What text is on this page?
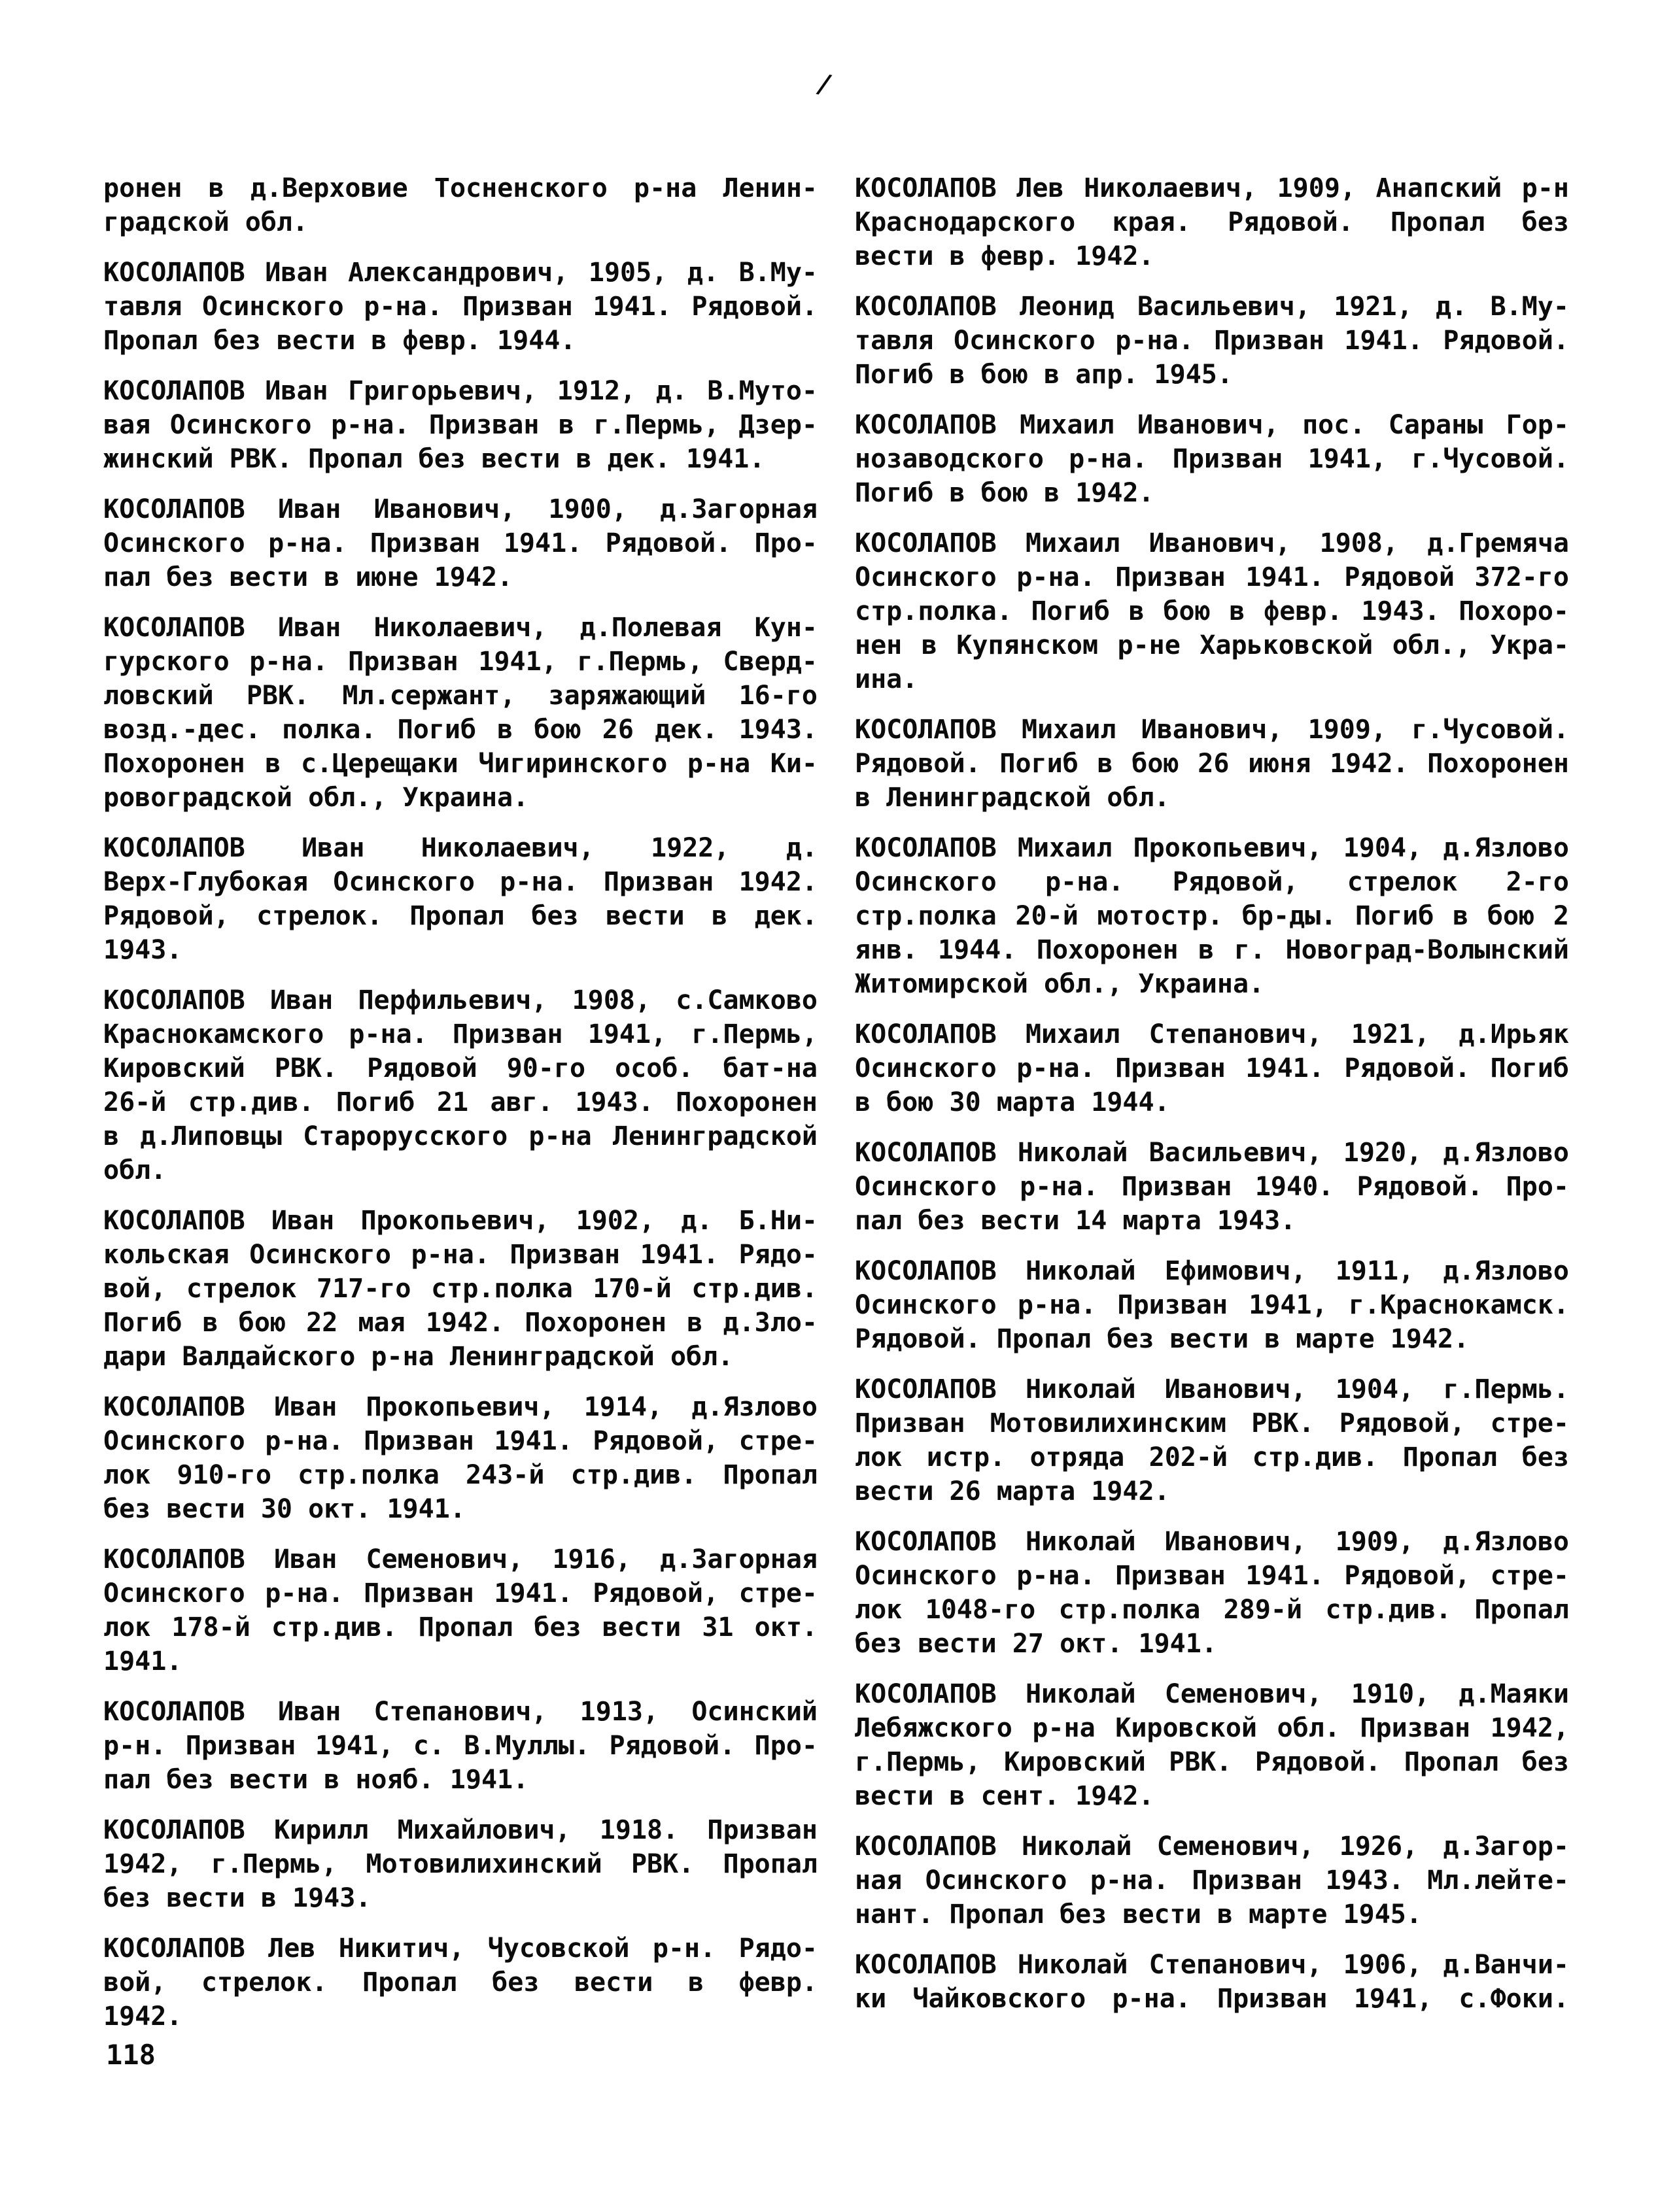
/
ронен в д.Верховие Тосненского р-на Ленин-
градской обл.
КОСОЛАПОВ Иван Александрович, 1905, д. В.Му-
тавля Осинского р-на. Призван 1941. Рядовой.
Пропал без вести в февр. 1944.
КОСОЛАПОВ Иван Григорьевич, 1912, д. В.Муто-
вая Осинского р-на. Призван в г.Пермь, Дзер-
жинский РВК. Пропал без вести в дек. 1941.
КОСОЛАПОВ Иван Иванович, 1900, д.Загорная
Осинского р-на. Призван 1941. Рядовой. Про-
пал без вести в июне 1942.
КОСОЛАПОВ Иван Николаевич, д.Полевая Кун-
гурского р-на. Призван 1941, г.Пермь, Сверд-
ловский РВК. Мл.сержант, заряжающий 16-го
возд.-дес. полка. Погиб в бою 26 дек. 1943.
Похоронен в с.Церещаки Чигиринского р-на Ки-
ровоградской обл., Украина.
КОСОЛАПОВ Иван Николаевич, 1922, д.
Верх-Глубокая Осинского р-на. Призван 1942.
Рядовой, стрелок. Пропал без вести в дек.
1943.
КОСОЛАПОВ Иван Перфильевич, 1908, с.Самково
Краснокамского р-на. Призван 1941, г.Пермь,
Кировский РВК. Рядовой 90-го особ. бат-на
26-й стр.див. Погиб 21 авг. 1943. Похоронен
в д.Липовцы Старорусского р-на Ленинградской
обл.
КОСОЛАПОВ Иван Прокопьевич, 1902, д. Б.Ни-
кольская Осинского р-на. Призван 1941. Рядо-
вой, стрелок 717-го стр.полка 170-й стр.див.
Погиб в бою 22 мая 1942. Похоронен в д.Зло-
дари Валдайского р-на Ленинградской обл.
КОСОЛАПОВ Иван Прокопьевич, 1914, д.Язлово
Осинского р-на. Призван 1941. Рядовой, стре-
лок 910-го стр.полка 243-й стр.див. Пропал
без вести 30 окт. 1941.
КОСОЛАПОВ Иван Семенович, 1916, д.Загорная
Осинского р-на. Призван 1941. Рядовой, стре-
лок 178-й стр.див. Пропал без вести 31 окт.
1941.
КОСОЛАПОВ Иван Степанович, 1913, Осинский
р-н. Призван 1941, с. В.Муллы. Рядовой. Про-
пал без вести в нояб. 1941.
КОСОЛАПОВ Кирилл Михайлович, 1918. Призван
1942, г.Пермь, Мотовилихинский РВК. Пропал
без вести в 1943.
КОСОЛАПОВ Лев Никитич, Чусовской р-н. Рядо-
вой, стрелок. Пропал без вести в февр.
1942.
КОСОЛАПОВ Лев Николаевич, 1909, Анапский р-н
Краснодарского края. Рядовой. Пропал без
вести в февр. 1942.
КОСОЛАПОВ Леонид Васильевич, 1921, д. В.Му-
тавля Осинского р-на. Призван 1941. Рядовой.
Погиб в бою в апр. 1945.
КОСОЛАПОВ Михаил Иванович, пос. Сараны Гор-
нозаводского р-на. Призван 1941, г.Чусовой.
Погиб в бою в 1942.
КОСОЛАПОВ Михаил Иванович, 1908, д.Гремяча
Осинского р-на. Призван 1941. Рядовой 372-го
стр.полка. Погиб в бою в февр. 1943. Похоро-
нен в Купянском р-не Харьковской обл., Укра-
ина.
КОСОЛАПОВ Михаил Иванович, 1909, г.Чусовой.
Рядовой. Погиб в бою 26 июня 1942. Похоронен
в Ленинградской обл.
КОСОЛАПОВ Михаил Прокопьевич, 1904, д.Язлово
Осинского р-на. Рядовой, стрелок 2-го
стр.полка 20-й мотостр. бр-ды. Погиб в бою 2
янв. 1944. Похоронен в г. Новоград-Волынский
Житомирской обл., Украина.
КОСОЛАПОВ Михаил Степанович, 1921, д.Ирьяк
Осинского р-на. Призван 1941. Рядовой. Погиб
в бою 30 марта 1944.
КОСОЛАПОВ Николай Васильевич, 1920, д.Язлово
Осинского р-на. Призван 1940. Рядовой. Про-
пал без вести 14 марта 1943.
КОСОЛАПОВ Николай Ефимович, 1911, д.Язлово
Осинского р-на. Призван 1941, г.Краснокамск.
Рядовой. Пропал без вести в марте 1942.
КОСОЛАПОВ Николай Иванович, 1904, г.Пермь.
Призван Мотовилихинским РВК. Рядовой, стре-
лок истр. отряда 202-й стр.див. Пропал без
вести 26 марта 1942.
КОСОЛАПОВ Николай Иванович, 1909, д.Язлово
Осинского р-на. Призван 1941. Рядовой, стре-
лок 1048-го стр.полка 289-й стр.див. Пропал
без вести 27 окт. 1941.
КОСОЛАПОВ Николай Семенович, 1910, д.Маяки
Лебяжского р-на Кировской обл. Призван 1942,
г.Пермь, Кировский РВК. Рядовой. Пропал без
вести в сент. 1942.
КОСОЛАПОВ Николай Семенович, 1926, д.Загор-
ная Осинского р-на. Призван 1943. Мл.лейте-
нант. Пропал без вести в марте 1945.
КОСОЛАПОВ Николай Степанович, 1906, д.Ванчи-
ки Чайковского р-на. Призван 1941, с.Фоки.
118
